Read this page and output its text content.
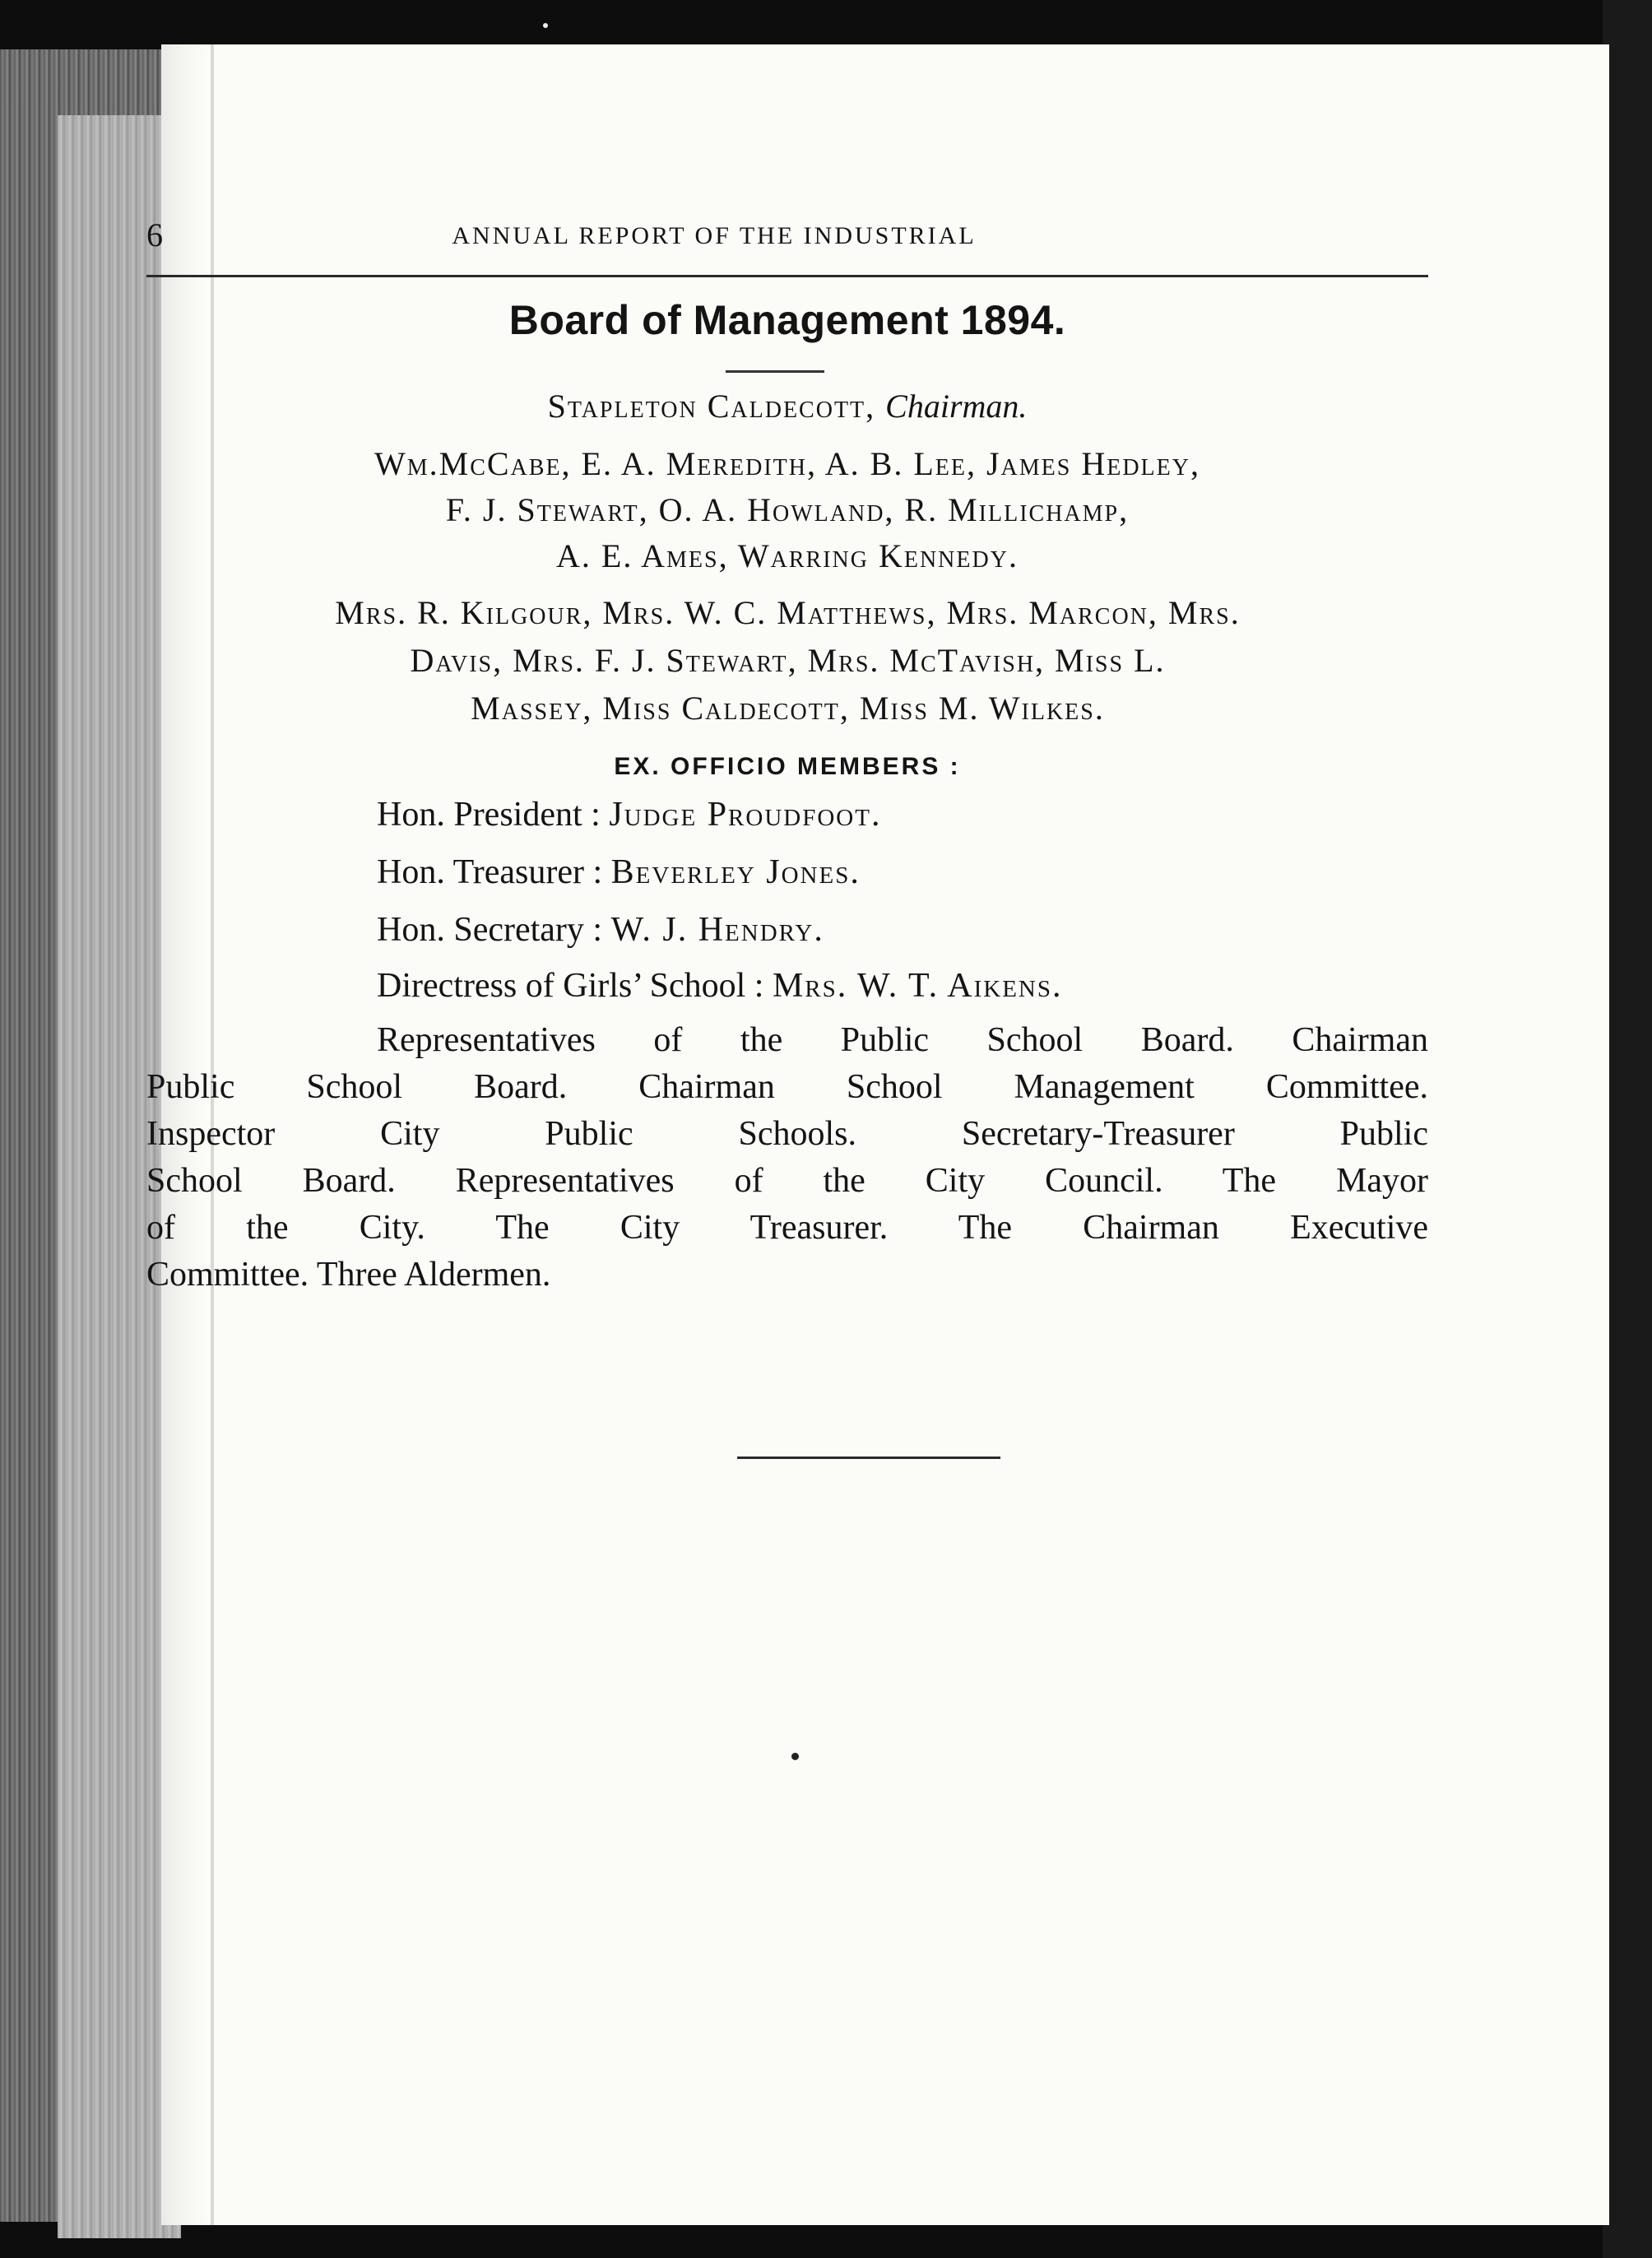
6	ANNUAL REPORT OF THE INDUSTRIAL
Board of Management 1894.
Stapleton Caldecott, Chairman.
Wm.McCabe, E. A. Meredith, A. B. Lee, James Hedley,
F. J. Stewart, O. A. Howland, R. Millichamp,
A. E. Ames, Warring Kennedy.
Mrs. R. Kilgour, Mrs. W. C. Matthews, Mrs. Marcon, Mrs.
Davis, Mrs. F. J. Stewart, Mrs. McTavish, Miss L.
Massey, Miss Caldecott, Miss M. Wilkes.
EX. OFFICIO MEMBERS :
Hon. President : Judge Proudfoot.
Hon. Treasurer : Beverley Jones.
Hon. Secretary : W. J. Hendry.
Directress of Girls’ School : Mrs. W. T. Aikens.
Representatives of the Public School Board. Chairman
Public School Board. Chairman School Management Committee.
Inspector City Public Schools. Secretary-Treasurer Public
School Board. Representatives of the City Council. The Mayor
of the City. The City Treasurer. The Chairman Executive
Committee. Three Aldermen.
